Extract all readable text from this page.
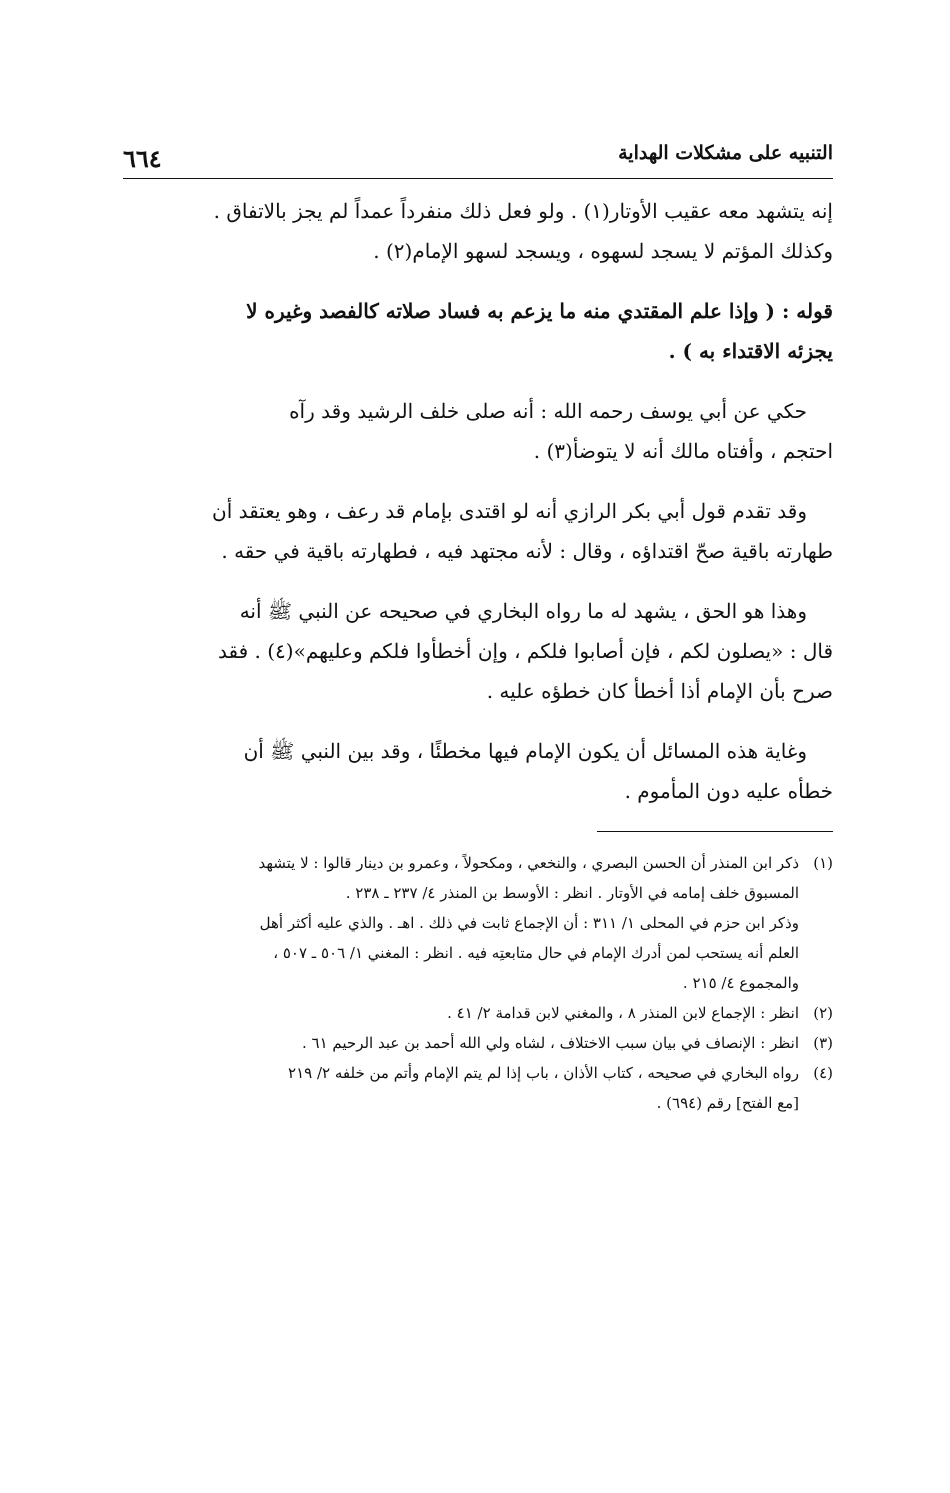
التنبيه على مشكلات الهداية
٦٦٤

إنه يتشهد معه عقيب الأوتار(١) . ولو فعل ذلك منفرداً عمداً لم يجز بالاتفاق .
وكذلك المؤتم لا يسجد لسهوه ، ويسجد لسهو الإمام(٢) .

قوله : ( وإذا علم المقتدي منه ما يزعم به فساد صلاته كالفصد وغيره لا
يجزئه الاقتداء به ) .

حكي عن أبي يوسف رحمه الله : أنه صلى خلف الرشيد وقد رآه
احتجم ، وأفتاه مالك أنه لا يتوضأ(٣) .

وقد تقدم قول أبي بكر الرازي أنه لو اقتدى بإمام قد رعف ، وهو يعتقد أن
طهارته باقية صحّ اقتداؤه ، وقال : لأنه مجتهد فيه ، فطهارته باقية في حقه .

وهذا هو الحق ، يشهد له ما رواه البخاري في صحيحه عن النبي ﷺ أنه
قال : «يصلون لكم ، فإن أصابوا فلكم ، وإن أخطأوا فلكم وعليهم»(٤) . فقد
صرح بأن الإمام أذا أخطأ كان خطؤه عليه .

وغاية هذه المسائل أن يكون الإمام فيها مخطئًا ، وقد بين النبي ﷺ أن
خطأه عليه دون المأموم .

(١)
ذكر ابن المنذر أن الحسن البصري ، والنخعي ، ومكحولاً ، وعمرو بن دينار قالوا : لا يتشهد
المسبوق خلف إمامه في الأوتار . انظر : الأوسط بن المنذر ٤/ ٢٣٧ ـ ٢٣٨ .
وذكر ابن حزم في المحلى ١/ ٣١١ : أن الإجماع ثابت في ذلك . اهـ . والذي عليه أكثر أهل
العلم أنه يستحب لمن أدرك الإمام في حال متابعتِه فيه . انظر : المغني ١/ ٥٠٦ ـ ٥٠٧ ،
والمجموع ٤/ ٢١٥ .
(٢)
انظر : الإجماع لابن المنذر ٨ ، والمغني لابن قدامة ٢/ ٤١ .
(٣)
انظر : الإنصاف في بيان سبب الاختلاف ، لشاه ولي الله أحمد بن عبد الرحيم ٦١ .
(٤)
رواه البخاري في صحيحه ، كتاب الأذان ، باب إذا لم يتم الإمام وأتم من خلفه ٢/ ٢١٩
[مع الفتح] رقم (٦٩٤) .
